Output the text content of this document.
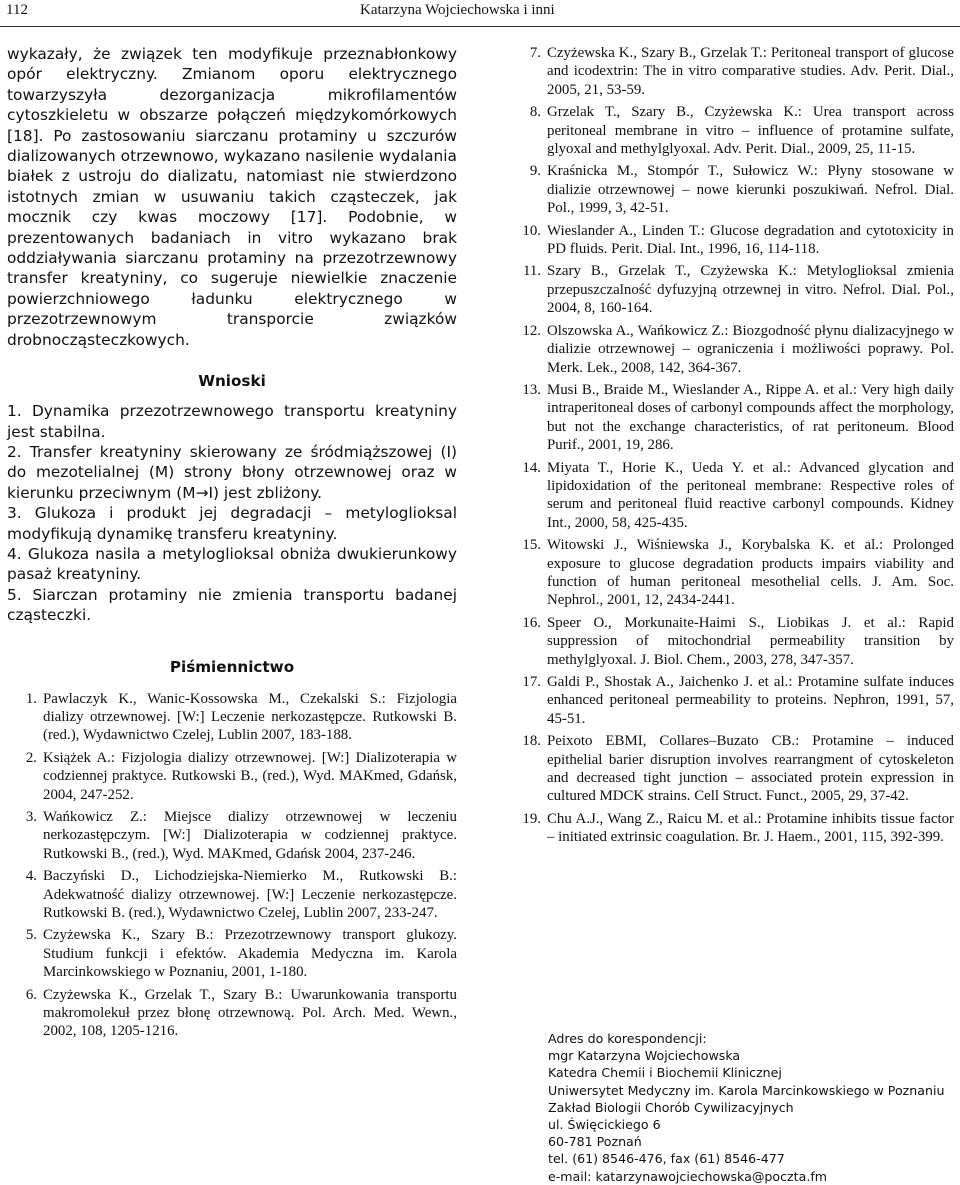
112	Katarzyna Wojciechowska i inni

wykazały, że związek ten modyfikuje przeznabłonkowy opór elektryczny. Zmianom oporu elektrycznego towarzyszyła dezorganizacja mikrofilamentów cytoszkieletu w obszarze połączeń międzykomórkowych [18]. Po zastosowaniu siarczanu protaminy u szczurów dializowanych otrzewnowo, wykazano nasilenie wydalania białek z ustroju do dializatu, natomiast nie stwierdzono istotnych zmian w usuwaniu takich cząsteczek, jak mocznik czy kwas moczowy [17]. Podobnie, w prezentowanych badaniach in vitro wykazano brak oddziaływania siarczanu protaminy na przezotrzewnowy transfer kreatyniny, co sugeruje niewielkie znaczenie powierzchniowego ładunku elektrycznego w przezotrzewnowym transporcie związków drobnocząsteczkowych.

Wnioski

1. Dynamika przezotrzewnowego transportu kreatyniny jest stabilna.

2. Transfer kreatyniny skierowany ze śródmiąższowej (I) do mezotelialnej (M) strony błony otrzewnowej oraz w kierunku przeciwnym (M→I) jest zbliżony.

3. Glukoza i produkt jej degradacji – metyloglioksal modyfikują dynamikę transferu kreatyniny.

4. Glukoza nasila a metyloglioksal obniża dwukierunkowy pasaż kreatyniny.

5. Siarczan protaminy nie zmienia transportu badanej cząsteczki.

Piśmiennictwo
1. Pawlaczyk K., Wanic-Kossowska M., Czekalski S.: Fizjologia dializy otrzewnowej. [W:] Leczenie nerkozastępcze. Rutkowski B. (red.), Wydawnictwo Czelej, Lublin 2007, 183-188.
2. Książek A.: Fizjologia dializy otrzewnowej. [W:] Dializoterapia w codziennej praktyce. Rutkowski B., (red.), Wyd. MAKmed, Gdańsk, 2004, 247-252.
3. Wańkowicz Z.: Miejsce dializy otrzewnowej w leczeniu nerkozastępczym. [W:] Dializoterapia w codziennej praktyce. Rutkowski B., (red.), Wyd. MAKmed, Gdańsk 2004, 237-246.
4. Baczyński D., Lichodziejska-Niemierko M., Rutkowski B.: Adekwatność dializy otrzewnowej. [W:] Leczenie nerkozastępcze. Rutkowski B. (red.), Wydawnictwo Czelej, Lublin 2007, 233-247.
5. Czyżewska K., Szary B.: Przezotrzewnowy transport glukozy. Studium funkcji i efektów. Akademia Medyczna im. Karola Marcinkowskiego w Poznaniu, 2001, 1-180.
6. Czyżewska K., Grzelak T., Szary B.: Uwarunkowania transportu makromolekuł przez błonę otrzewnową. Pol. Arch. Med. Wewn., 2002, 108, 1205-1216.
7. Czyżewska K., Szary B., Grzelak T.: Peritoneal transport of glucose and icodextrin: The in vitro comparative studies. Adv. Perit. Dial., 2005, 21, 53-59.
8. Grzelak T., Szary B., Czyżewska K.: Urea transport across peritoneal membrane in vitro – influence of protamine sulfate, glyoxal and methylglyoxal. Adv. Perit. Dial., 2009, 25, 11-15.
9. Kraśnicka M., Stompór T., Sułowicz W.: Płyny stosowane w dializie otrzewnowej – nowe kierunki poszukiwań. Nefrol. Dial. Pol., 1999, 3, 42-51.
10. Wieslander A., Linden T.: Glucose degradation and cytotoxicity in PD fluids. Perit. Dial. Int., 1996, 16, 114-118.
11. Szary B., Grzelak T., Czyżewska K.: Metyloglioksal zmienia przepuszczalność dyfuzyjną otrzewnej in vitro. Nefrol. Dial. Pol., 2004, 8, 160-164.
12. Olszowska A., Wańkowicz Z.: Biozgodność płynu dializacyjnego w dializie otrzewnowej – ograniczenia i możliwości poprawy. Pol. Merk. Lek., 2008, 142, 364-367.
13. Musi B., Braide M., Wieslander A., Rippe A. et al.: Very high daily intraperitoneal doses of carbonyl compounds affect the morphology, but not the exchange characteristics, of rat peritoneum. Blood Purif., 2001, 19, 286.
14. Miyata T., Horie K., Ueda Y. et al.: Advanced glycation and lipidoxidation of the peritoneal membrane: Respective roles of serum and peritoneal fluid reactive carbonyl compounds. Kidney Int., 2000, 58, 425-435.
15. Witowski J., Wiśniewska J., Korybalska K. et al.: Prolonged exposure to glucose degradation products impairs viability and function of human peritoneal mesothelial cells. J. Am. Soc. Nephrol., 2001, 12, 2434-2441.
16. Speer O., Morkunaite-Haimi S., Liobikas J. et al.: Rapid suppression of mitochondrial permeability transition by methylglyoxal. J. Biol. Chem., 2003, 278, 347-357.
17. Galdi P., Shostak A., Jaichenko J. et al.: Protamine sulfate induces enhanced peritoneal permeability to proteins. Nephron, 1991, 57, 45-51.
18. Peixoto EBMI, Collares–Buzato CB.: Protamine – induced epithelial barier disruption involves rearrangment of cytoskeleton and decreased tight junction – associated protein expression in cultured MDCK strains. Cell Struct. Funct., 2005, 29, 37-42.
19. Chu A.J., Wang Z., Raicu M. et al.: Protamine inhibits tissue factor – initiated extrinsic coagulation. Br. J. Haem., 2001, 115, 392-399.
Adres do korespondencji:
mgr Katarzyna Wojciechowska
Katedra Chemii i Biochemii Klinicznej
Uniwersytet Medyczny im. Karola Marcinkowskiego w Poznaniu
Zakład Biologii Chorób Cywilizacyjnych
ul. Święcickiego 6
60-781 Poznań
tel. (61) 8546-476, fax (61) 8546-477
e-mail: katarzynawojciechowska@poczta.fm
